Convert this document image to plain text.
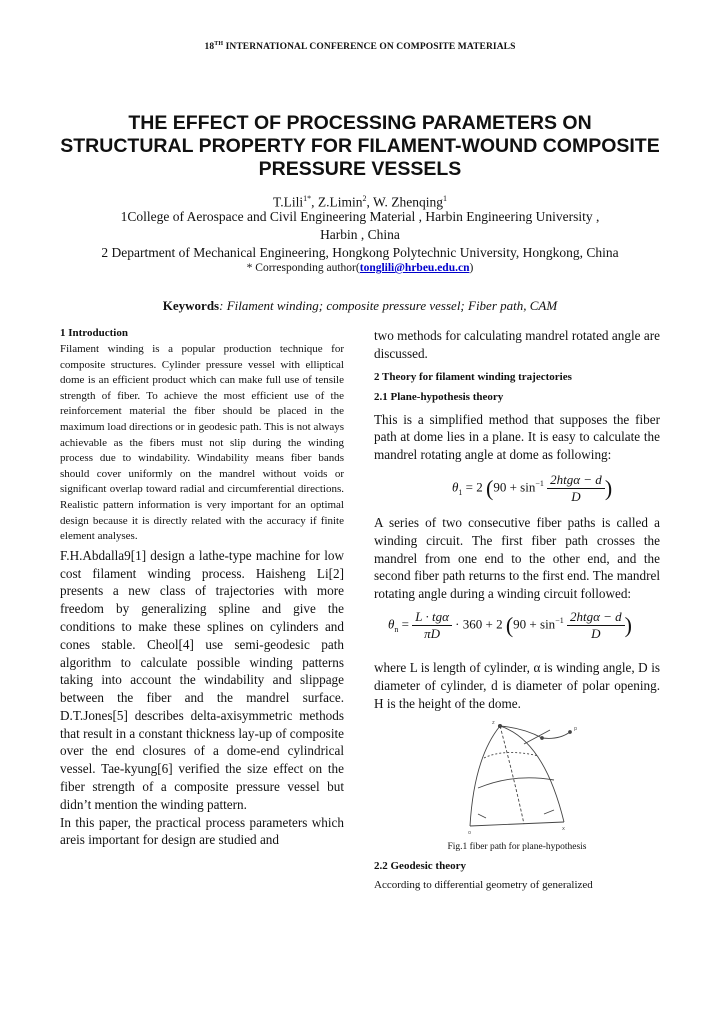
18TH INTERNATIONAL CONFERENCE ON COMPOSITE MATERIALS
THE EFFECT OF PROCESSING PARAMETERS ON STRUCTURAL PROPERTY FOR FILAMENT-WOUND COMPOSITE PRESSURE VESSELS
T.Lili$^{1*}$, Z.Limin$^2$, W. Zhenqing$^1$
1College of Aerospace and Civil Engineering Material , Harbin Engineering University ,
Harbin , China
2 Department of Mechanical Engineering, Hongkong Polytechnic University, Hongkong, China
* Corresponding author(tonglili@hrbeu.edu.cn)
Keywords: Filament winding; composite pressure vessel; Fiber path, CAM
1 Introduction

Filament winding is a popular production technique for composite structures. Cylinder pressure vessel with elliptical dome is an efficient product which can make full use of tensile strength of fiber. To achieve the most efficient use of the reinforcement material the fiber should be placed in the maximum load directions or in geodesic path. This is not always achievable as the fibers must not slip during the winding process due to windability. Windability means fiber bands should cover uniformly on the mandrel without voids or significant overlap toward radial and circumferential directions. Realistic pattern information is very important for an optimal design because it is directly related with the accuracy if finite element analyses.

F.H.Abdalla9[1] design a lathe-type machine for low cost filament winding process. Haisheng Li[2] presents a new class of trajectories with more freedom by generalizing spline and give the conditions to make these splines on cylinders and cones stable. Cheol[4] use semi-geodesic path algorithm to calculate possible winding patterns taking into account the windability and slippage between the fiber and the mandrel surface. D.T.Jones[5] describes delta-axisymmetric methods that result in a constant thickness lay-up of composite over the end closures of a dome-end cylindrical vessel. Tae-kyung[6] verified the size effect on the fiber strength of a composite pressure vessel but didn’t mention the winding pattern.

In this paper, the practical process parameters which areis important for design are studied and

two methods for calculating mandrel rotated angle are discussed.

2 Theory for filament winding trajectories
2.1 Plane-hypothesis theory

This is a simplified method that supposes the fiber path at dome lies in a plane. It is easy to calculate the mandrel rotating angle at dome as following:

$\theta_1 = 2$ ($90 + \sin^{-1} \frac{\text{2htgα − d}}{D}$ )

A series of two consecutive fiber paths is called a winding circuit. The first fiber path crosses the mandrel from one end to the other end, and the second fiber path returns to the first end. The mandrel rotating angle during a winding circuit followed:

$\theta_n = \frac{\text{L · tgα}}{\pi D} \cdot 360 + 2$ ($90 + \sin^{-1} \frac{\text{2htgα − d}}{D}$ )

where L is length of cylinder, α is winding angle, D is diameter of cylinder, d is diameter of polar opening. H is the height of the dome.

z
o
x
p
Fig.1 fiber path for plane-hypothesis
2.2 Geodesic theory

According to differential geometry of generalized
